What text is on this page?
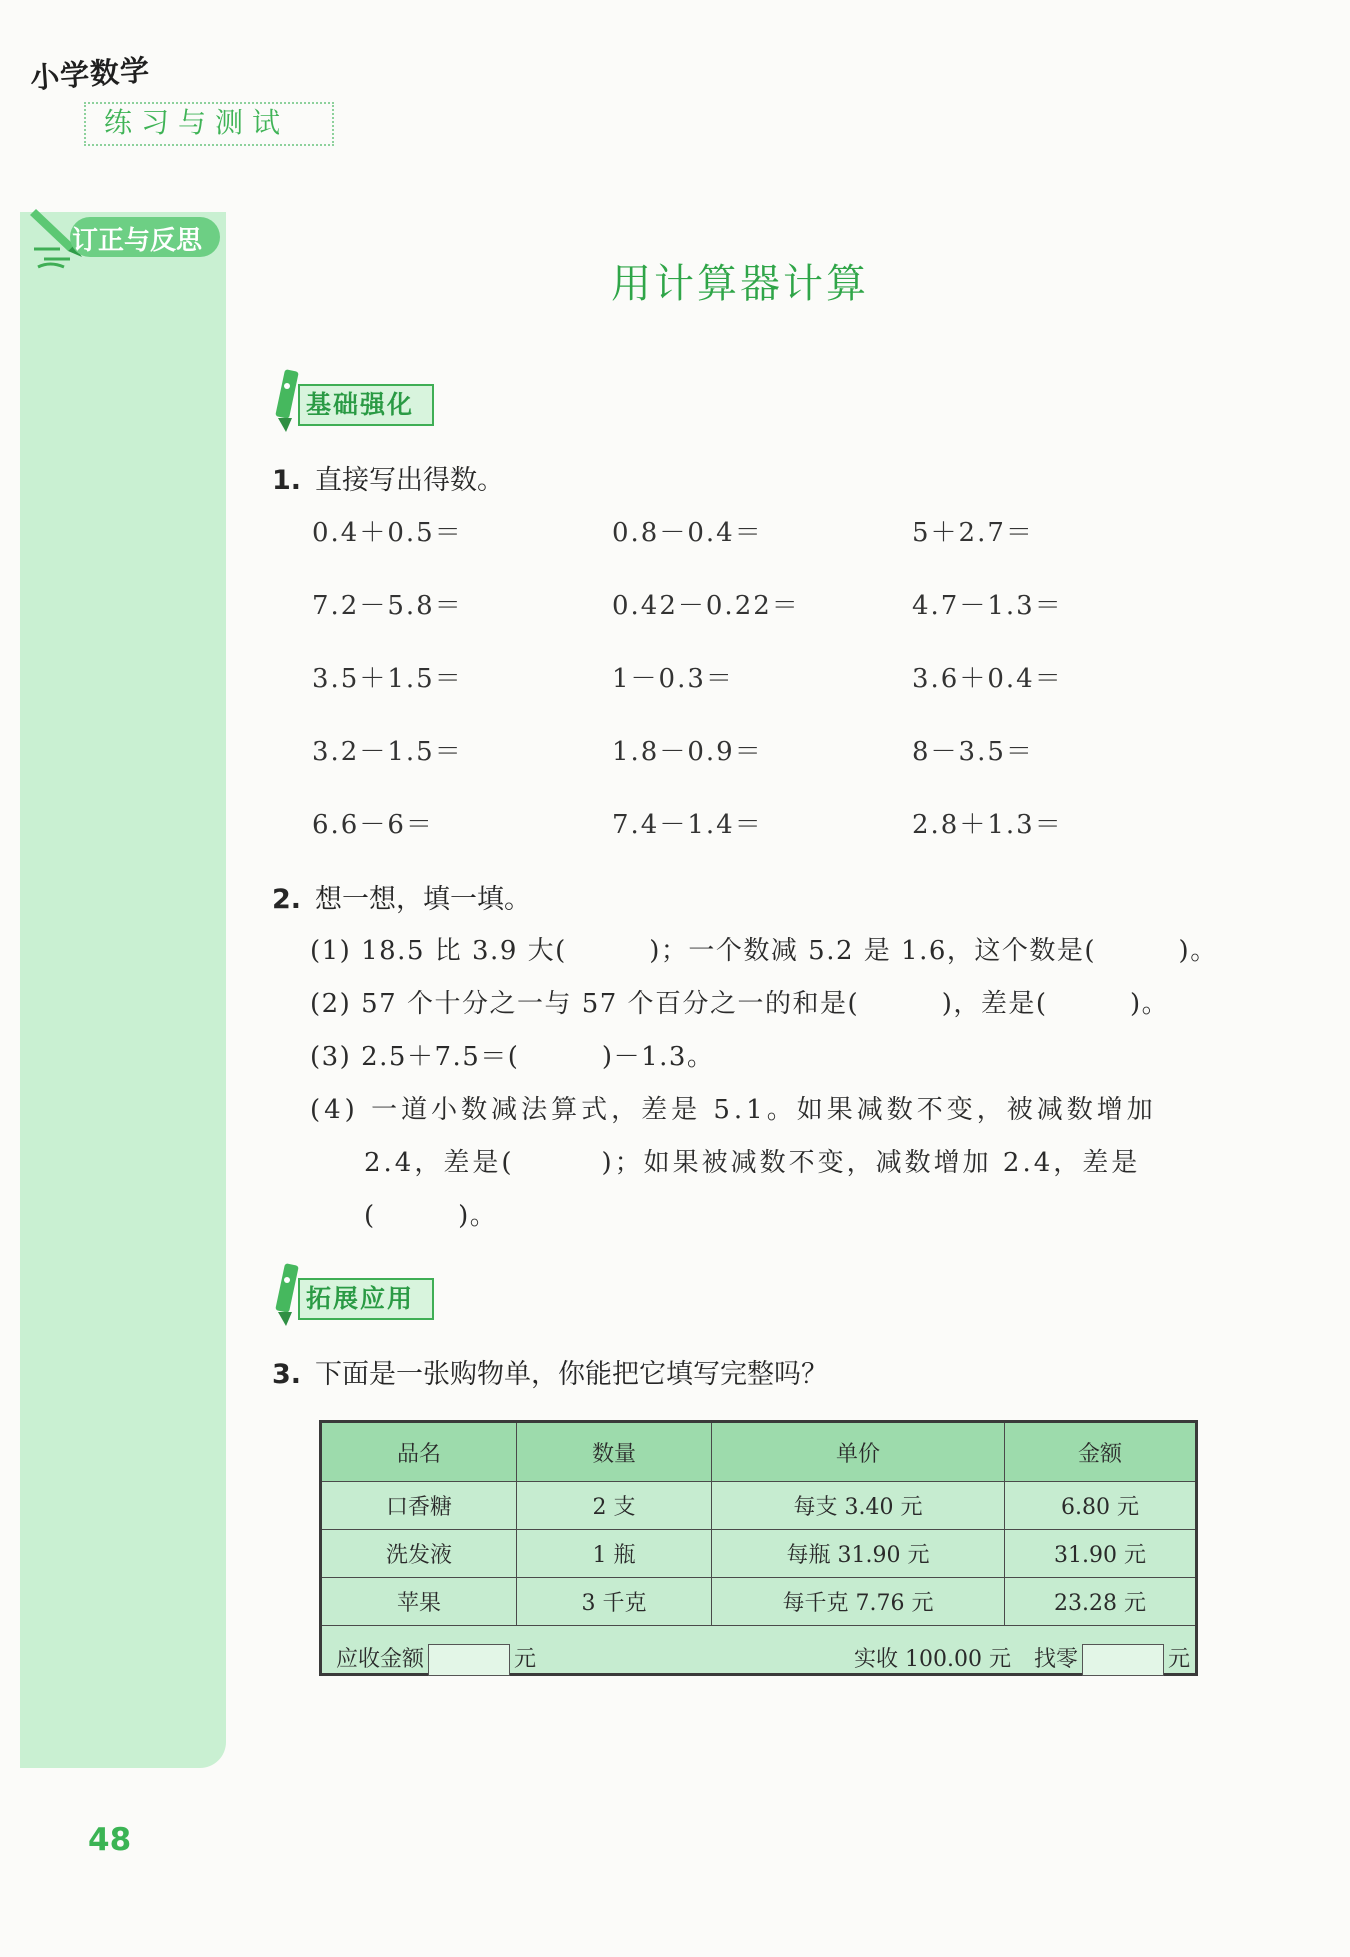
小学数学
练习与测试
订正与反思
用计算器计算
基础强化
1. 直接写出得数。
0.4＋0.5＝	0.8－0.4＝	5＋2.7＝
7.2－5.8＝	0.42－0.22＝	4.7－1.3＝
3.5＋1.5＝	1－0.3＝	3.6＋0.4＝
3.2－1.5＝	1.8－0.9＝	8－3.5＝
6.6－6＝	7.4－1.4＝	2.8＋1.3＝
2. 想一想，填一填。
(1) 18.5 比 3.9 大(　　　)；一个数减 5.2 是 1.6，这个数是(　　　)。
(2) 57 个十分之一与 57 个百分之一的和是(　　　)，差是(　　　)。
(3) 2.5＋7.5＝(　　　)－1.3。
(4) 一道小数减法算式，差是 5.1。如果减数不变，被减数增加
2.4，差是(　　　)；如果被减数不变，减数增加 2.4，差是
(　　　)。
拓展应用
3. 下面是一张购物单，你能把它填写完整吗？
品名	数量	单价	金额
口香糖	2 支	每支 3.40 元	6.80 元
洗发液	1 瓶	每瓶 31.90 元	31.90 元
苹果	3 千克	每千克 7.76 元	23.28 元

应收金额 元 实收 100.00 元 找零 元			
48
